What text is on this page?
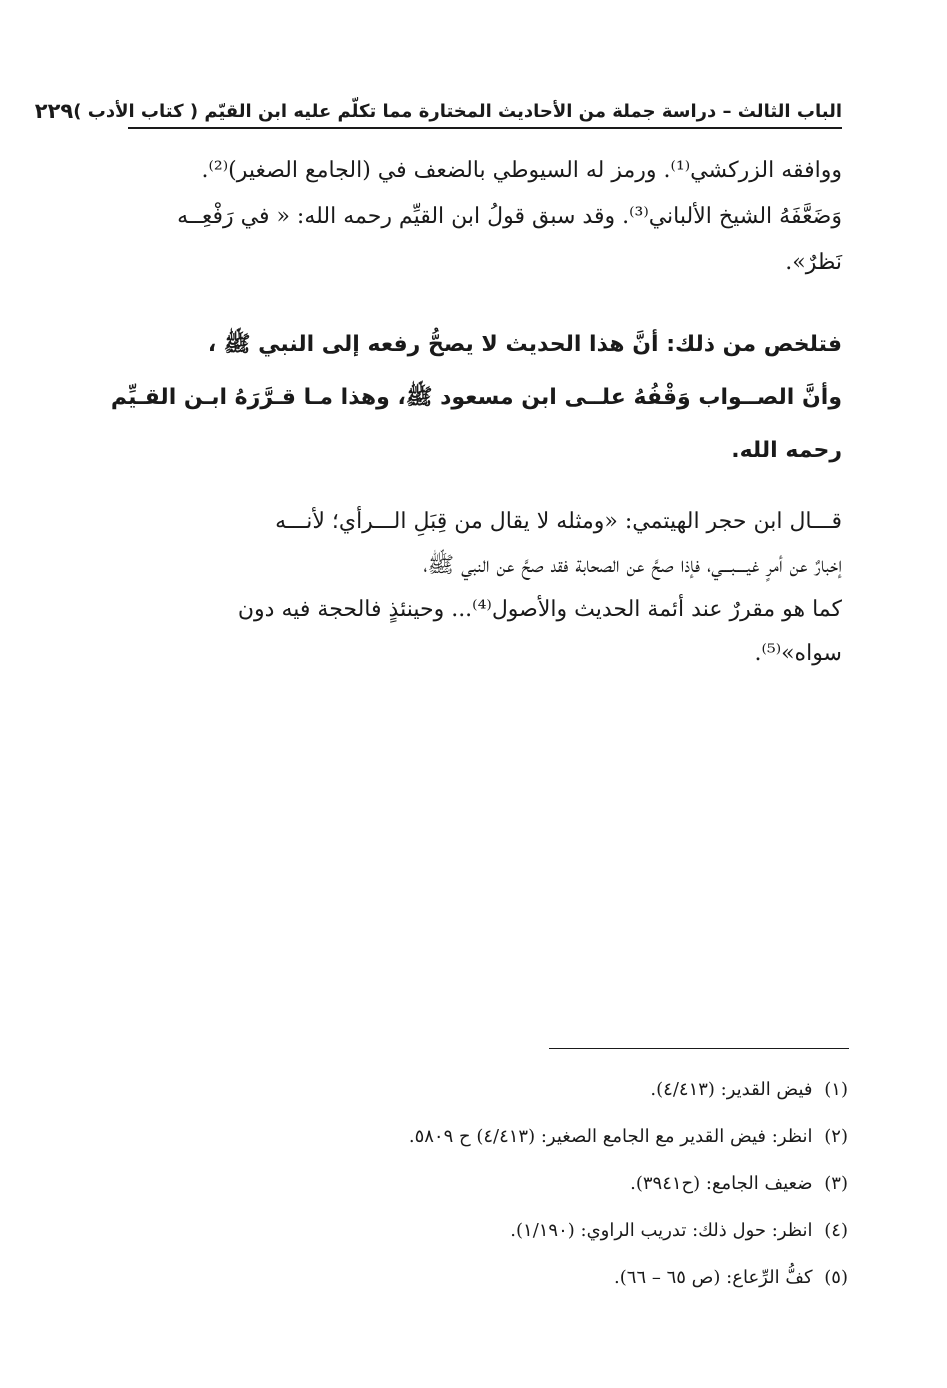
الباب الثالث – دراسة جملة من الأحاديث المختارة مما تكلّم عليه ابن القيّم ( كتاب الأدب )
٢٢٩
ووافقه الزركشي⁽¹⁾. ورمز له السيوطي بالضعف في (الجامع الصغير)⁽²⁾.
وَضَعَّفَهُ الشيخ الألباني⁽³⁾. وقد سبق قولُ ابن القيِّم رحمه الله: « في رَفْعِــه
نَظرٌ».
فتلخص من ذلك: أنَّ هذا الحديث لا يصحُّ رفعه إلى النبي ﷺ ،
وأنَّ الصــواب وَقْفُهُ علــى ابن مسعود ﷺ، وهذا مـا قـرَّرَهُ ابـن القـيِّم
رحمه الله.
قـــال ابن حجر الهيتمي: «ومثله لا يقال من قِبَلِ الـــرأي؛ لأنـــه
إخبارٌ عن أمرٍ غيــــبـــي، فإذا صحَّ عن الصحابة فقد صحَّ عن النبي ﷺ،
كما هو مقررٌ عند أئمة الحديث والأصول⁽⁴⁾... وحينئذٍ فالحجة فيه دون
سواه»⁽⁵⁾.
(١) فيض القدير: (٤/٤١٣).
(٢) انظر: فيض القدير مع الجامع الصغير: (٤/٤١٣) ح ٥٨٠٩.
(٣) ضعيف الجامع: (ح٣٩٤١).
(٤) انظر: حول ذلك: تدريب الراوي: (١/١٩٠).
(٥) كفُّ الرِّعاع: (ص ٦٥ – ٦٦).
